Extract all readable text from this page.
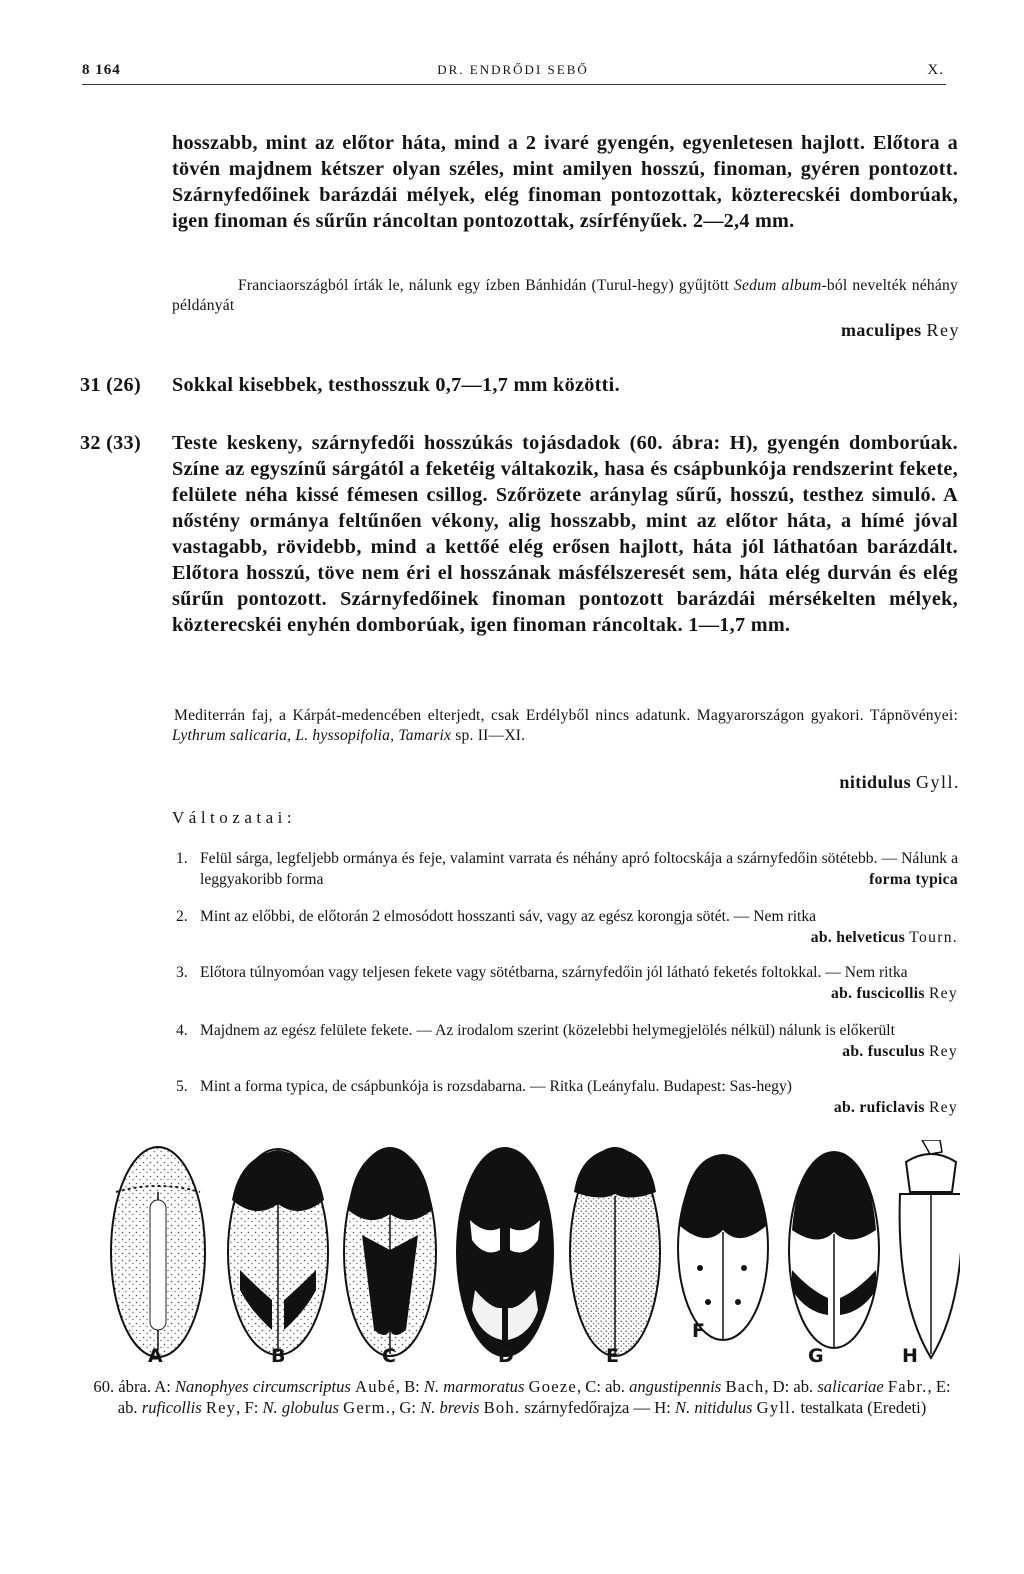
8 164	DR. ENDRŐDI SEBŐ	X.
hosszabb, mint az előtor háta, mind a 2 ivaré gyengén, egyenletesen hajlott. Előtora a tövén majdnem kétszer olyan széles, mint amilyen hosszú, finoman, gyéren pontozott. Szárnyfedőinek barázdái mélyek, elég finoman pontozottak, közterecskéi domborúak, igen finoman és sűrűn ráncoltan pontozottak, zsírfényűek. 2—2,4 mm.
Franciaországból írták le, nálunk egy ízben Bánhidán (Turul-hegy) gyűjtött Sedum album-ból nevelték néhány példányát
maculipes Rey
31 (26)	Sokkal kisebbek, testhosszuk 0,7—1,7 mm közötti.
32 (33)	Teste keskeny, szárnyfedői hosszúkás tojásdadok (60. ábra: H), gyengén domborúak. Színe az egyszínű sárgától a feketéig váltakozik, hasa és csápbunkója rendszerint fekete, felülete néha kissé fémesen csillog. Szőrözete aránylag sűrű, hosszú, testhez simuló. A nőstény ormánya feltűnően vékony, alig hosszabb, mint az előtor háta, a hímé jóval vastagabb, rövidebb, mind a kettőé elég erősen hajlott, háta jól láthatóan barázdált. Előtora hosszú, töve nem éri el hosszának másfélszeresét sem, háta elég durván és elég sűrűn pontozott. Szárnyfedőinek finoman pontozott barázdái mérsékelten mélyek, közterecskéi enyhén domborúak, igen finoman ráncoltak. 1—1,7 mm.
Mediterrán faj, a Kárpát-medencében elterjedt, csak Erdélyből nincs adatunk. Magyarországon gyakori. Tápnövényei: Lythrum salicaria, L. hyssopifolia, Tamarix sp. II—XI.
nitidulus Gyll.
Változatai:
1. Felül sárga, legfeljebb ormánya és feje, valamint varrata és néhány apró foltocskája a szárnyfedőin sötétebb. — Nálunk a leggyakoribb forma	forma typica
2. Mint az előbbi, de előtorán 2 elmosódott hosszanti sáv, vagy az egész korongja sötét. — Nem ritka
ab. helveticus Tourn.
3. Előtora túlnyomóan vagy teljesen fekete vagy sötétbarna, szárnyfedőin jól látható feketés foltokkal. — Nem ritka
ab. fuscicollis Rey
4. Majdnem az egész felülete fekete. — Az irodalom szerint (közelebbi helymegjelölés nélkül) nálunk is előkerült
ab. fusculus Rey
5. Mint a forma typica, de csápbunkója is rozsdabarna. — Ritka (Leányfalu. Budapest: Sas-hegy)
ab. ruficlavis Rey
A	B	C	D	E
F
G	H
60. ábra. A: Nanophyes circumscriptus Aubé, B: N. marmoratus Goeze, C: ab. angustipennis Bach, D: ab. salicariae Fabr., E: ab. ruficollis Rey, F: N. globulus Germ., G: N. brevis Boh. szárnyfedőrajza — H: N. nitidulus Gyll. testalkata (Eredeti)
